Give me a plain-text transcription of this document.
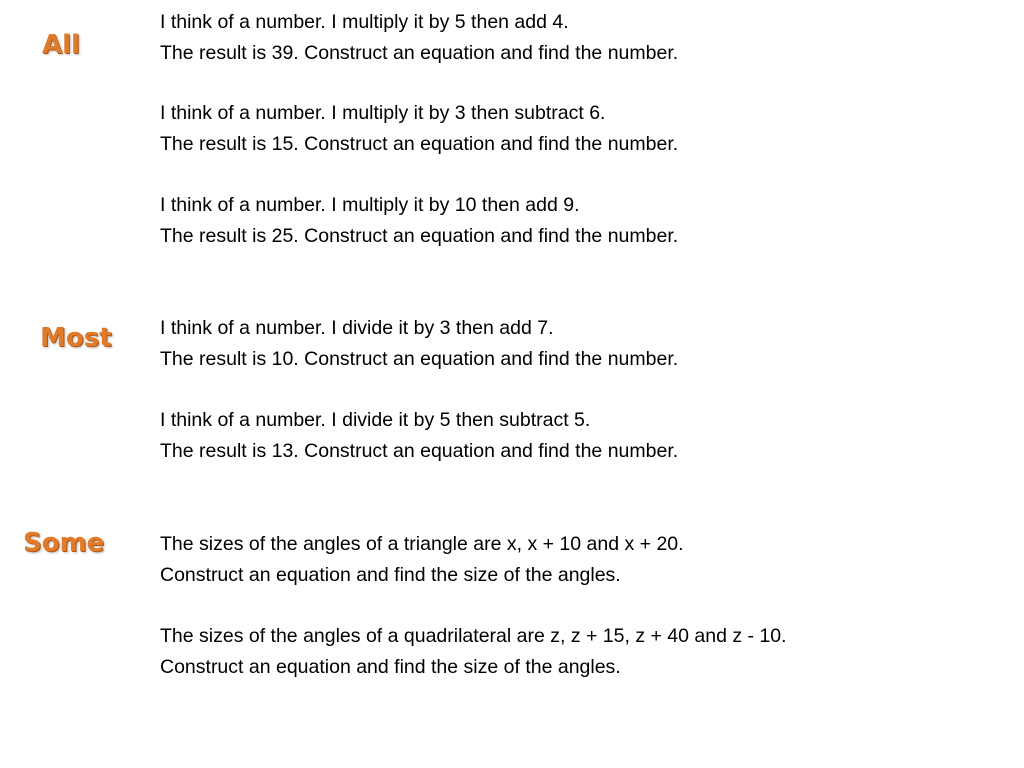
All
Most
Some
I think of a number. I multiply it by 5 then add 4.
The result is 39. Construct an equation and find the number.
I think of a number. I multiply it by 3 then subtract 6.
The result is 15. Construct an equation and find the number.
I think of a number. I multiply it by 10 then add 9.
The result is 25. Construct an equation and find the number.
I think of a number. I divide it by 3 then add 7.
The result is 10. Construct an equation and find the number.
I think of a number. I divide it by 5 then subtract 5.
The result is 13. Construct an equation and find the number.
The sizes of the angles of a triangle are x, x + 10 and x + 20.
Construct an equation and find the size of the angles.
The sizes of the angles of a quadrilateral are z, z + 15, z + 40 and z - 10.
Construct an equation and find the size of the angles.
